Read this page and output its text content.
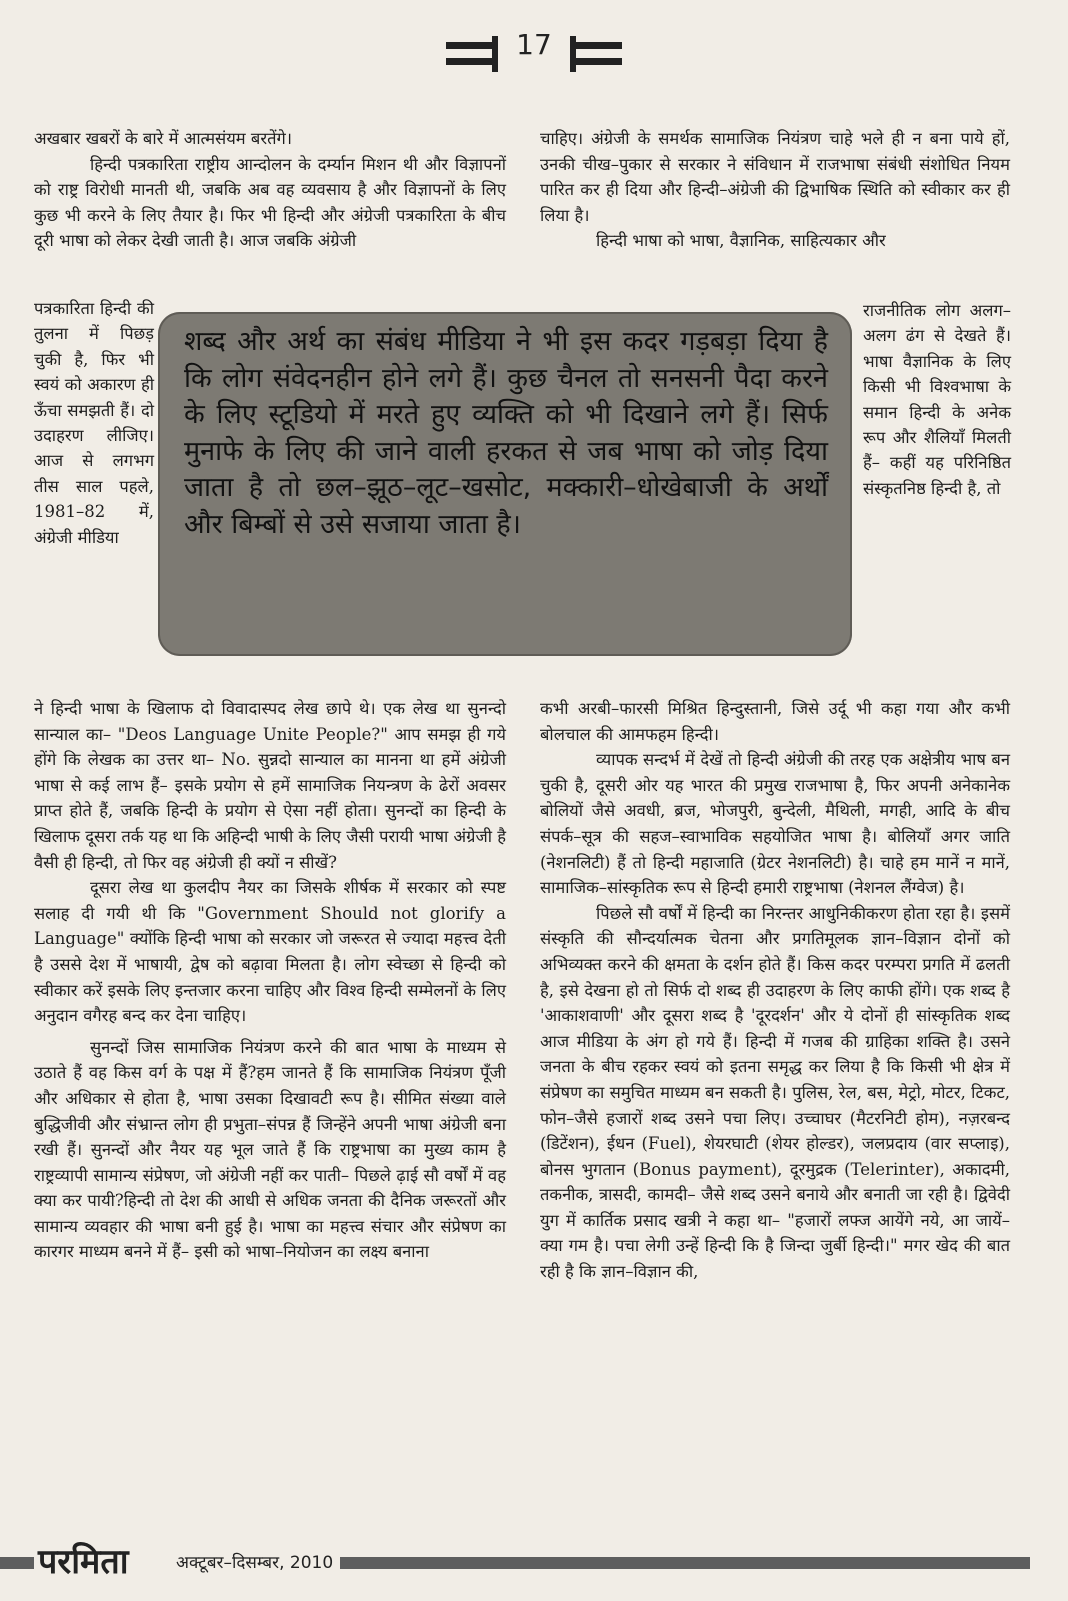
17

अखबार खबरों के बारे में आत्मसंयम बरतेंगे।

हिन्दी पत्रकारिता राष्ट्रीय आन्दोलन के दर्म्यान मिशन थी और विज्ञापनों को राष्ट्र विरोधी मानती थी, जबकि अब वह व्यवसाय है और विज्ञापनों के लिए कुछ भी करने के लिए तैयार है। फिर भी हिन्दी और अंग्रेजी पत्रकारिता के बीच दूरी भाषा को लेकर देखी जाती है। आज जबकि अंग्रेजी

पत्रकारिता हिन्दी की तुलना में पिछड़ चुकी है, फिर भी स्वयं को अकारण ही ऊँचा समझती हैं। दो उदाहरण लीजिए। आज से लगभग तीस साल पहले, 1981–82 में, अंग्रेजी मीडिया

ने हिन्दी भाषा के खिलाफ दो विवादास्पद लेख छापे थे। एक लेख था सुनन्दो सान्याल का– "Deos Language Unite People?" आप समझ ही गये होंगे कि लेखक का उत्तर था– No. सुन्नदो सान्याल का मानना था हमें अंग्रेजी भाषा से कई लाभ हैं– इसके प्रयोग से हमें सामाजिक नियन्त्रण के ढेरों अवसर प्राप्त होते हैं, जबकि हिन्दी के प्रयोग से ऐसा नहीं होता। सुनन्दों का हिन्दी के खिलाफ दूसरा तर्क यह था कि अहिन्दी भाषी के लिए जैसी परायी भाषा अंग्रेजी है वैसी ही हिन्दी, तो फिर वह अंग्रेजी ही क्यों न सीखें?

दूसरा लेख था कुलदीप नैयर का जिसके शीर्षक में सरकार को स्पष्ट सलाह दी गयी थी कि "Government Should not glorify a Language" क्योंकि हिन्दी भाषा को सरकार जो जरूरत से ज्यादा महत्त्व देती है उससे देश में भाषायी, द्वेष को बढ़ावा मिलता है। लोग स्वेच्छा से हिन्दी को स्वीकार करें इसके लिए इन्तजार करना चाहिए और विश्व हिन्दी सम्मेलनों के लिए अनुदान वगैरह बन्द कर देना चाहिए।

सुनन्दों जिस सामाजिक नियंत्रण करने की बात भाषा के माध्यम से उठाते हैं वह किस वर्ग के पक्ष में हैं?हम जानते हैं कि सामाजिक नियंत्रण पूँजी और अधिकार से होता है, भाषा उसका दिखावटी रूप है। सीमित संख्या वाले बुद्धिजीवी और संभ्रान्त लोग ही प्रभुता–संपन्न हैं जिन्हेंने अपनी भाषा अंग्रेजी बना रखी हैं। सुनन्दों और नैयर यह भूल जाते हैं कि राष्ट्रभाषा का मुख्य काम है राष्ट्रव्यापी सामान्य संप्रेषण, जो अंग्रेजी नहीं कर पाती– पिछले ढ़ाई सौ वर्षों में वह क्या कर पायी?हिन्दी तो देश की आधी से अधिक जनता की दैनिक जरूरतों और सामान्य व्यवहार की भाषा बनी हुई है। भाषा का महत्त्व संचार और संप्रेषण का कारगर माध्यम बनने में हैं– इसी को भाषा–नियोजन का लक्ष्य बनाना

चाहिए। अंग्रेजी के समर्थक सामाजिक नियंत्रण चाहे भले ही न बना पाये हों, उनकी चीख–पुकार से सरकार ने संविधान में राजभाषा संबंधी संशोधित नियम पारित कर ही दिया और हिन्दी–अंग्रेजी की द्विभाषिक स्थिति को स्वीकार कर ही लिया है।

हिन्दी भाषा को भाषा, वैज्ञानिक, साहित्यकार और

राजनीतिक लोग अलग–अलग ढंग से देखते हैं। भाषा वैज्ञानिक के लिए किसी भी विश्वभाषा के समान हिन्दी के अनेक रूप और शैलियाँ मिलती हैं– कहीं यह परिनिष्ठित संस्कृतनिष्ठ हिन्दी है, तो

कभी अरबी–फारसी मिश्रित हिन्दुस्तानी, जिसे उर्दू भी कहा गया और कभी बोलचाल की आमफहम हिन्दी।

व्यापक सन्दर्भ में देखें तो हिन्दी अंग्रेजी की तरह एक अक्षेत्रीय भाष बन चुकी है, दूसरी ओर यह भारत की प्रमुख राजभाषा है, फिर अपनी अनेकानेक बोलियों जैसे अवधी, ब्रज, भोजपुरी, बुन्देली, मैथिली, मगही, आदि के बीच संपर्क–सूत्र की सहज–स्वाभाविक सहयोजित भाषा है। बोलियाँ अगर जाति (नेशनलिटी) हैं तो हिन्दी महाजाति (ग्रेटर नेशनलिटी) है। चाहे हम मानें न मानें, सामाजिक–सांस्कृतिक रूप से हिन्दी हमारी राष्ट्रभाषा (नेशनल लैंग्वेज) है।

पिछले सौ वर्षों में हिन्दी का निरन्तर आधुनिकीकरण होता रहा है। इसमें संस्कृति की सौन्दर्यात्मक चेतना और प्रगतिमूलक ज्ञान–विज्ञान दोनों को अभिव्यक्त करने की क्षमता के दर्शन होते हैं। किस कदर परम्परा प्रगति में ढलती है, इसे देखना हो तो सिर्फ दो शब्द ही उदाहरण के लिए काफी होंगे। एक शब्द है 'आकाशवाणी' और दूसरा शब्द है 'दूरदर्शन' और ये दोनों ही सांस्कृतिक शब्द आज मीडिया के अंग हो गये हैं। हिन्दी में गजब की ग्राहिका शक्ति है। उसने जनता के बीच रहकर स्वयं को इतना समृद्ध कर लिया है कि किसी भी क्षेत्र में संप्रेषण का समुचित माध्यम बन सकती है। पुलिस, रेल, बस, मेट्रो, मोटर, टिकट, फोन–जैसे हजारों शब्द उसने पचा लिए। उच्चाघर (मैटरनिटी होम), नज़रबन्द (डिटेंशन), ईधन (Fuel), शेयरघाटी (शेयर होल्डर), जलप्रदाय (वार सप्लाइ), बोनस भुगतान (Bonus payment), दूरमुद्रक (Telerinter), अकादमी, तकनीक, त्रासदी, कामदी– जैसे शब्द उसने बनाये और बनाती जा रही है। द्विवेदी युग में कार्तिक प्रसाद खत्री ने कहा था– "हजारों लफ्ज आयेंगे नये, आ जायें– क्या गम है। पचा लेगी उन्हें हिन्दी कि है जिन्दा जुर्बी हिन्दी।" मगर खेद की बात रही है कि ज्ञान–विज्ञान की,

शब्द और अर्थ का संबंध मीडिया ने भी इस कदर गड़बड़ा दिया है कि लोग संवेदनहीन होने लगे हैं। कुछ चैनल तो सनसनी पैदा करने के लिए स्टूडियो में मरते हुए व्यक्ति को भी दिखाने लगे हैं। सिर्फ मुनाफे के लिए की जाने वाली हरकत से जब भाषा को जोड़ दिया जाता है तो छल–झूठ–लूट–खसोट, मक्कारी–धोखेबाजी के अर्थों और बिम्बों से उसे सजाया जाता है।
परमिता	अक्टूबर–दिसम्बर, 2010
